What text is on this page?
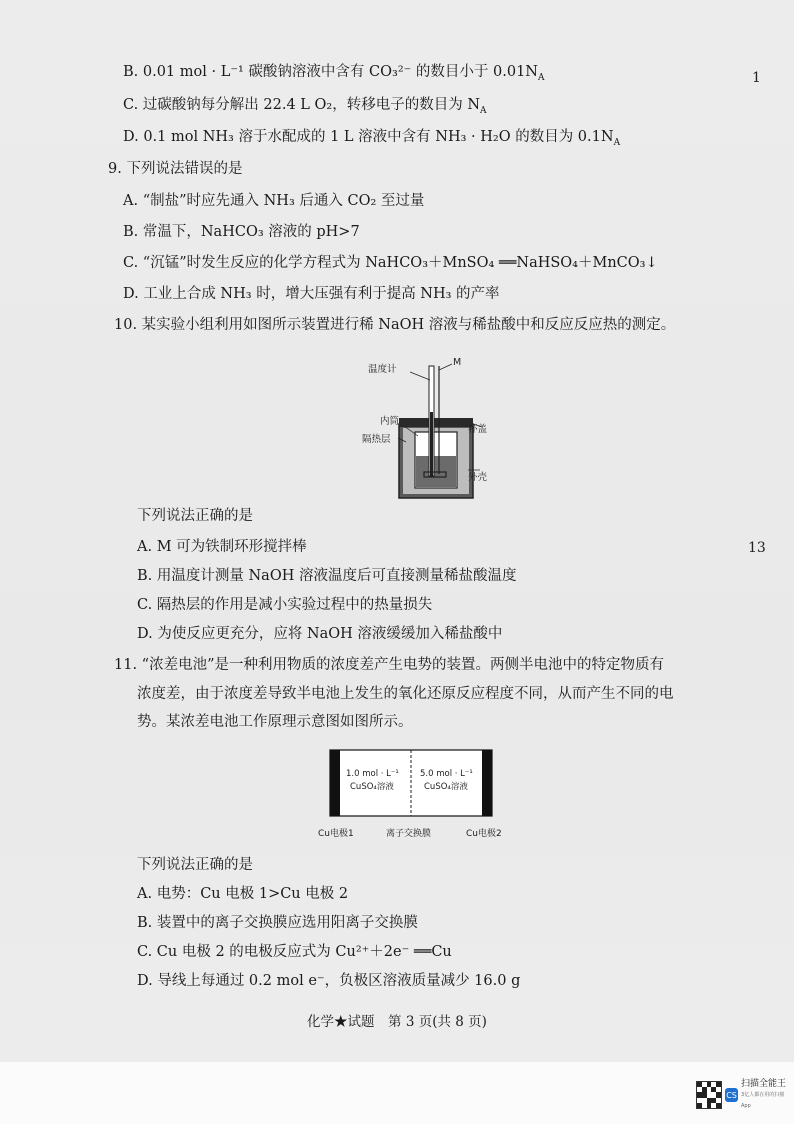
B. 0.01 mol · L⁻¹ 碳酸钠溶液中含有 CO₃²⁻ 的数目小于 $0.01N_A$
C. 过碳酸钠每分解出 22.4 L O₂，转移电子的数目为 $N_A$
D. 0.1 mol NH₃ 溶于水配成的 1 L 溶液中含有 NH₃ · H₂O 的数目为 $0.1N_A$
9. 下列说法错误的是
A. “制盐”时应先通入 NH₃ 后通入 CO₂ 至过量
B. 常温下，NaHCO₃ 溶液的 pH>7
C. “沉锰”时发生反应的化学方程式为 NaHCO₃＋MnSO₄ ══NaHSO₄＋MnCO₃↓
D. 工业上合成 NH₃ 时，增大压强有利于提高 NH₃ 的产率
10. 某实验小组利用如图所示装置进行稀 NaOH 溶液与稀盐酸中和反应反应热的测定。
温度计
M
内筒
隔热层
杯盖
外壳
下列说法正确的是
A. M 可为铁制环形搅拌棒
B. 用温度计测量 NaOH 溶液温度后可直接测量稀盐酸温度
C. 隔热层的作用是减小实验过程中的热量损失
D. 为使反应更充分，应将 NaOH 溶液缓缓加入稀盐酸中
11. “浓差电池”是一种利用物质的浓度差产生电势的装置。两侧半电池中的特定物质有
浓度差，由于浓度差导致半电池上发生的氧化还原反应程度不同，从而产生不同的电
势。某浓差电池工作原理示意图如图所示。
1.0 mol · L⁻¹
CuSO₄溶液
5.0 mol · L⁻¹
CuSO₄溶液
Cu电极1	离子交换膜	Cu电极2
下列说法正确的是
A. 电势：Cu 电极 1>Cu 电极 2
B. 装置中的离子交换膜应选用阳离子交换膜
C. Cu 电极 2 的电极反应式为 Cu²⁺＋2e⁻ ══Cu
D. 导线上每通过 0.2 mol e⁻，负极区溶液质量减少 16.0 g
1
13
化学★试题　第 3 页(共 8 页)
CS
扫描全能王
3亿人都在用的扫描App
